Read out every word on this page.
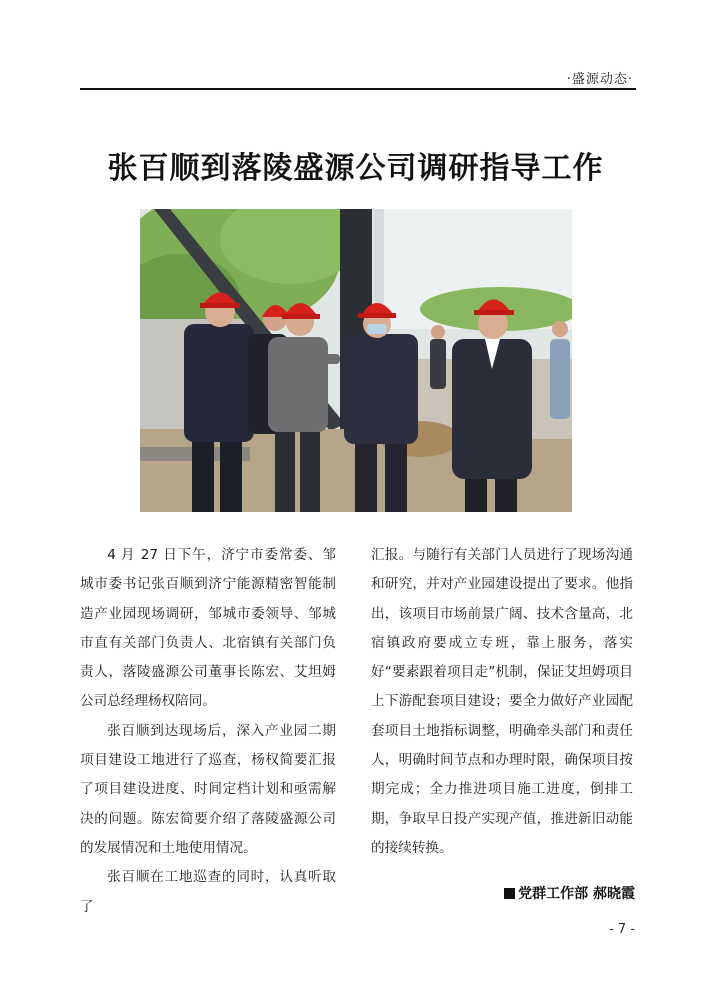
·盛源动态·
张百顺到落陵盛源公司调研指导工作

4 月 27 日下午，济宁市委常委、邹城市委书记张百顺到济宁能源精密智能制造产业园现场调研，邹城市委领导、邹城市直有关部门负责人、北宿镇有关部门负责人，落陵盛源公司董事长陈宏、艾坦姆公司总经理杨权陪同。

张百顺到达现场后，深入产业园二期项目建设工地进行了巡查，杨权简要汇报了项目建设进度、时间定档计划和亟需解决的问题。陈宏简要介绍了落陵盛源公司的发展情况和土地使用情况。

张百顺在工地巡查的同时，认真听取了

汇报。与随行有关部门人员进行了现场沟通和研究，并对产业园建设提出了要求。他指出，该项目市场前景广阔、技术含量高，北宿镇政府要成立专班，靠上服务，落实好“要素跟着项目走”机制，保证艾坦姆项目上下游配套项目建设；要全力做好产业园配套项目土地指标调整，明确牵头部门和责任人，明确时间节点和办理时限，确保项目按期完成；全力推进项目施工进度，倒排工期，争取早日投产实现产值，推进新旧动能的接续转换。

党群工作部 郝晓霞
- 7 -
